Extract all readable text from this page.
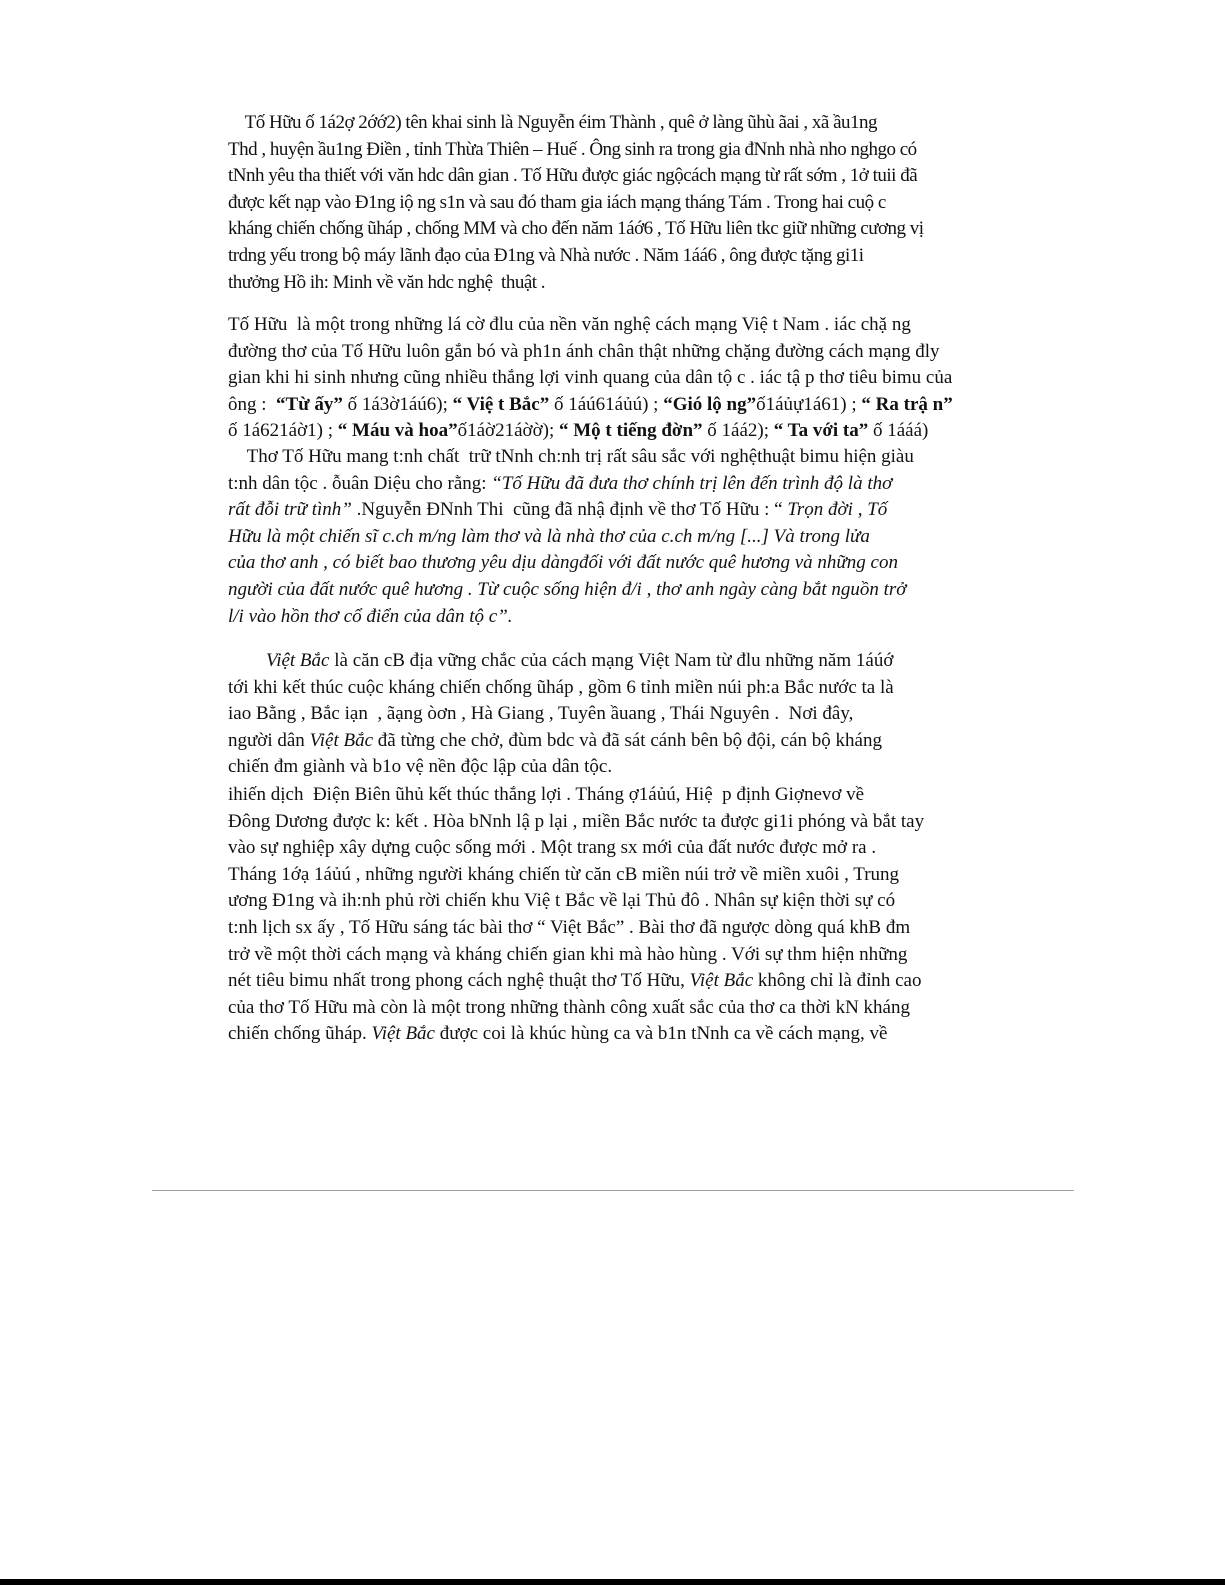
Tố Hữu ố 1á2ợ 2ớớ2) tên khai sinh là Nguyễn éim Thành , quê ở làng ũhù ãai , xã ầu1ng
Thd , huyện ầu1ng Điền , tỉnh Thừa Thiên – Huế . Ông sinh ra trong gia đNnh nhà nho nghgo có
tNnh yêu tha thiết với văn hdc dân gian . Tố Hữu được giác ngộcách mạng từ rất sớm , 1ở tuii đã
được kết nạp vào Đ1ng iộ ng s1n và sau đó tham gia iách mạng tháng Tám . Trong hai cuộ c
kháng chiến chống ũháp , chống MM và cho đến năm 1áớ6 , Tố Hữu liên tkc giữ những cương vị
trdng yếu trong bộ máy lãnh đạo của Đ1ng và Nhà nước . Năm 1áá6 , ông được tặng gi1i
thưởng Hồ ih: Minh về văn hdc nghệ  thuật .
Tố Hữu  là một trong những lá cờ đlu của nền văn nghệ cách mạng Việ t Nam . iác chặ ng
đường thơ của Tố Hữu luôn gắn bó và ph1n ánh chân thật những chặng đường cách mạng đly
gian khi hi sinh nhưng cũng nhiều thắng lợi vinh quang của dân tộ c . iác tậ p thơ tiêu bimu của
ông :  “Từ ấy” ố 1á3ờ1áú6); “ Việ t Bắc” ố 1áú61áủú) ; “Gió lộ ng”ố1áủự1á61) ; “ Ra trậ n”
ố 1á621áờ1) ; “ Máu và hoa”ố1áờ21áờờ); “ Mộ t tiếng đờn” ố 1áá2); “ Ta với ta” ố 1ááá)
Thơ Tố Hữu mang t:nh chất  trữ tNnh ch:nh trị rất sâu sắc với nghệthuật bimu hiện giàu
t:nh dân tộc . ỗuân Diệu cho rằng: “Tố Hữu đã đưa thơ chính trị lên đến trình độ là thơ
rất đỗi trữ tình” .Nguyễn ĐNnh Thi  cũng đã nhậ định về thơ Tố Hữu : “ Trọn đời , Tố
Hữu là một chiến sĩ c.ch m/ng làm thơ và là nhà thơ của c.ch m/ng [...] Và trong lửa
của thơ anh , có biết bao thương yêu dịu dàngđối với đất nước quê hương và những con
người của đất nước quê hương . Từ cuộc sống hiện đ/i , thơ anh ngày càng bắt nguồn trở
l/i vào hồn thơ cổ điển của dân tộ c”.
Việt Bắc là căn cB địa vững chắc của cách mạng Việt Nam từ đlu những năm 1áúớ
tới khi kết thúc cuộc kháng chiến chống ũháp , gồm 6 tỉnh miền núi ph:a Bắc nước ta là
iao Bằng , Bắc iạn  , ãạng òơn , Hà Giang , Tuyên ầuang , Thái Nguyên .  Nơi đây,
người dân Việt Bắc đã từng che chở, đùm bdc và đã sát cánh bên bộ đội, cán bộ kháng
chiến đm giành và b1o vệ nền độc lập của dân tộc.
ihiến dịch  Điện Biên ũhủ kết thúc thắng lợi . Tháng ợ1áủú, Hiệ  p định Giợnevơ về
Đông Dương được k: kết . Hòa bNnh lậ p lại , miền Bắc nước ta được gi1i phóng và bắt tay
vào sự nghiệp xây dựng cuộc sống mới . Một trang sx mới của đất nước được mở ra .
Tháng 1ớạ 1áủú , những người kháng chiến từ căn cB miền núi trở về miền xuôi , Trung
ương Đ1ng và ih:nh phủ rời chiến khu Việ t Bắc về lại Thủ đô . Nhân sự kiện thời sự có
t:nh lịch sx ấy , Tố Hữu sáng tác bài thơ “ Việt Bắc” . Bài thơ đã ngược dòng quá khB đm
trở về một thời cách mạng và kháng chiến gian khi mà hào hùng . Với sự thm hiện những
nét tiêu bimu nhất trong phong cách nghệ thuật thơ Tố Hữu, Việt Bắc không chỉ là đỉnh cao
của thơ Tố Hữu mà còn là một trong những thành công xuất sắc của thơ ca thời kN kháng
chiến chống ũháp. Việt Bắc được coi là khúc hùng ca và b1n tNnh ca về cách mạng, về
